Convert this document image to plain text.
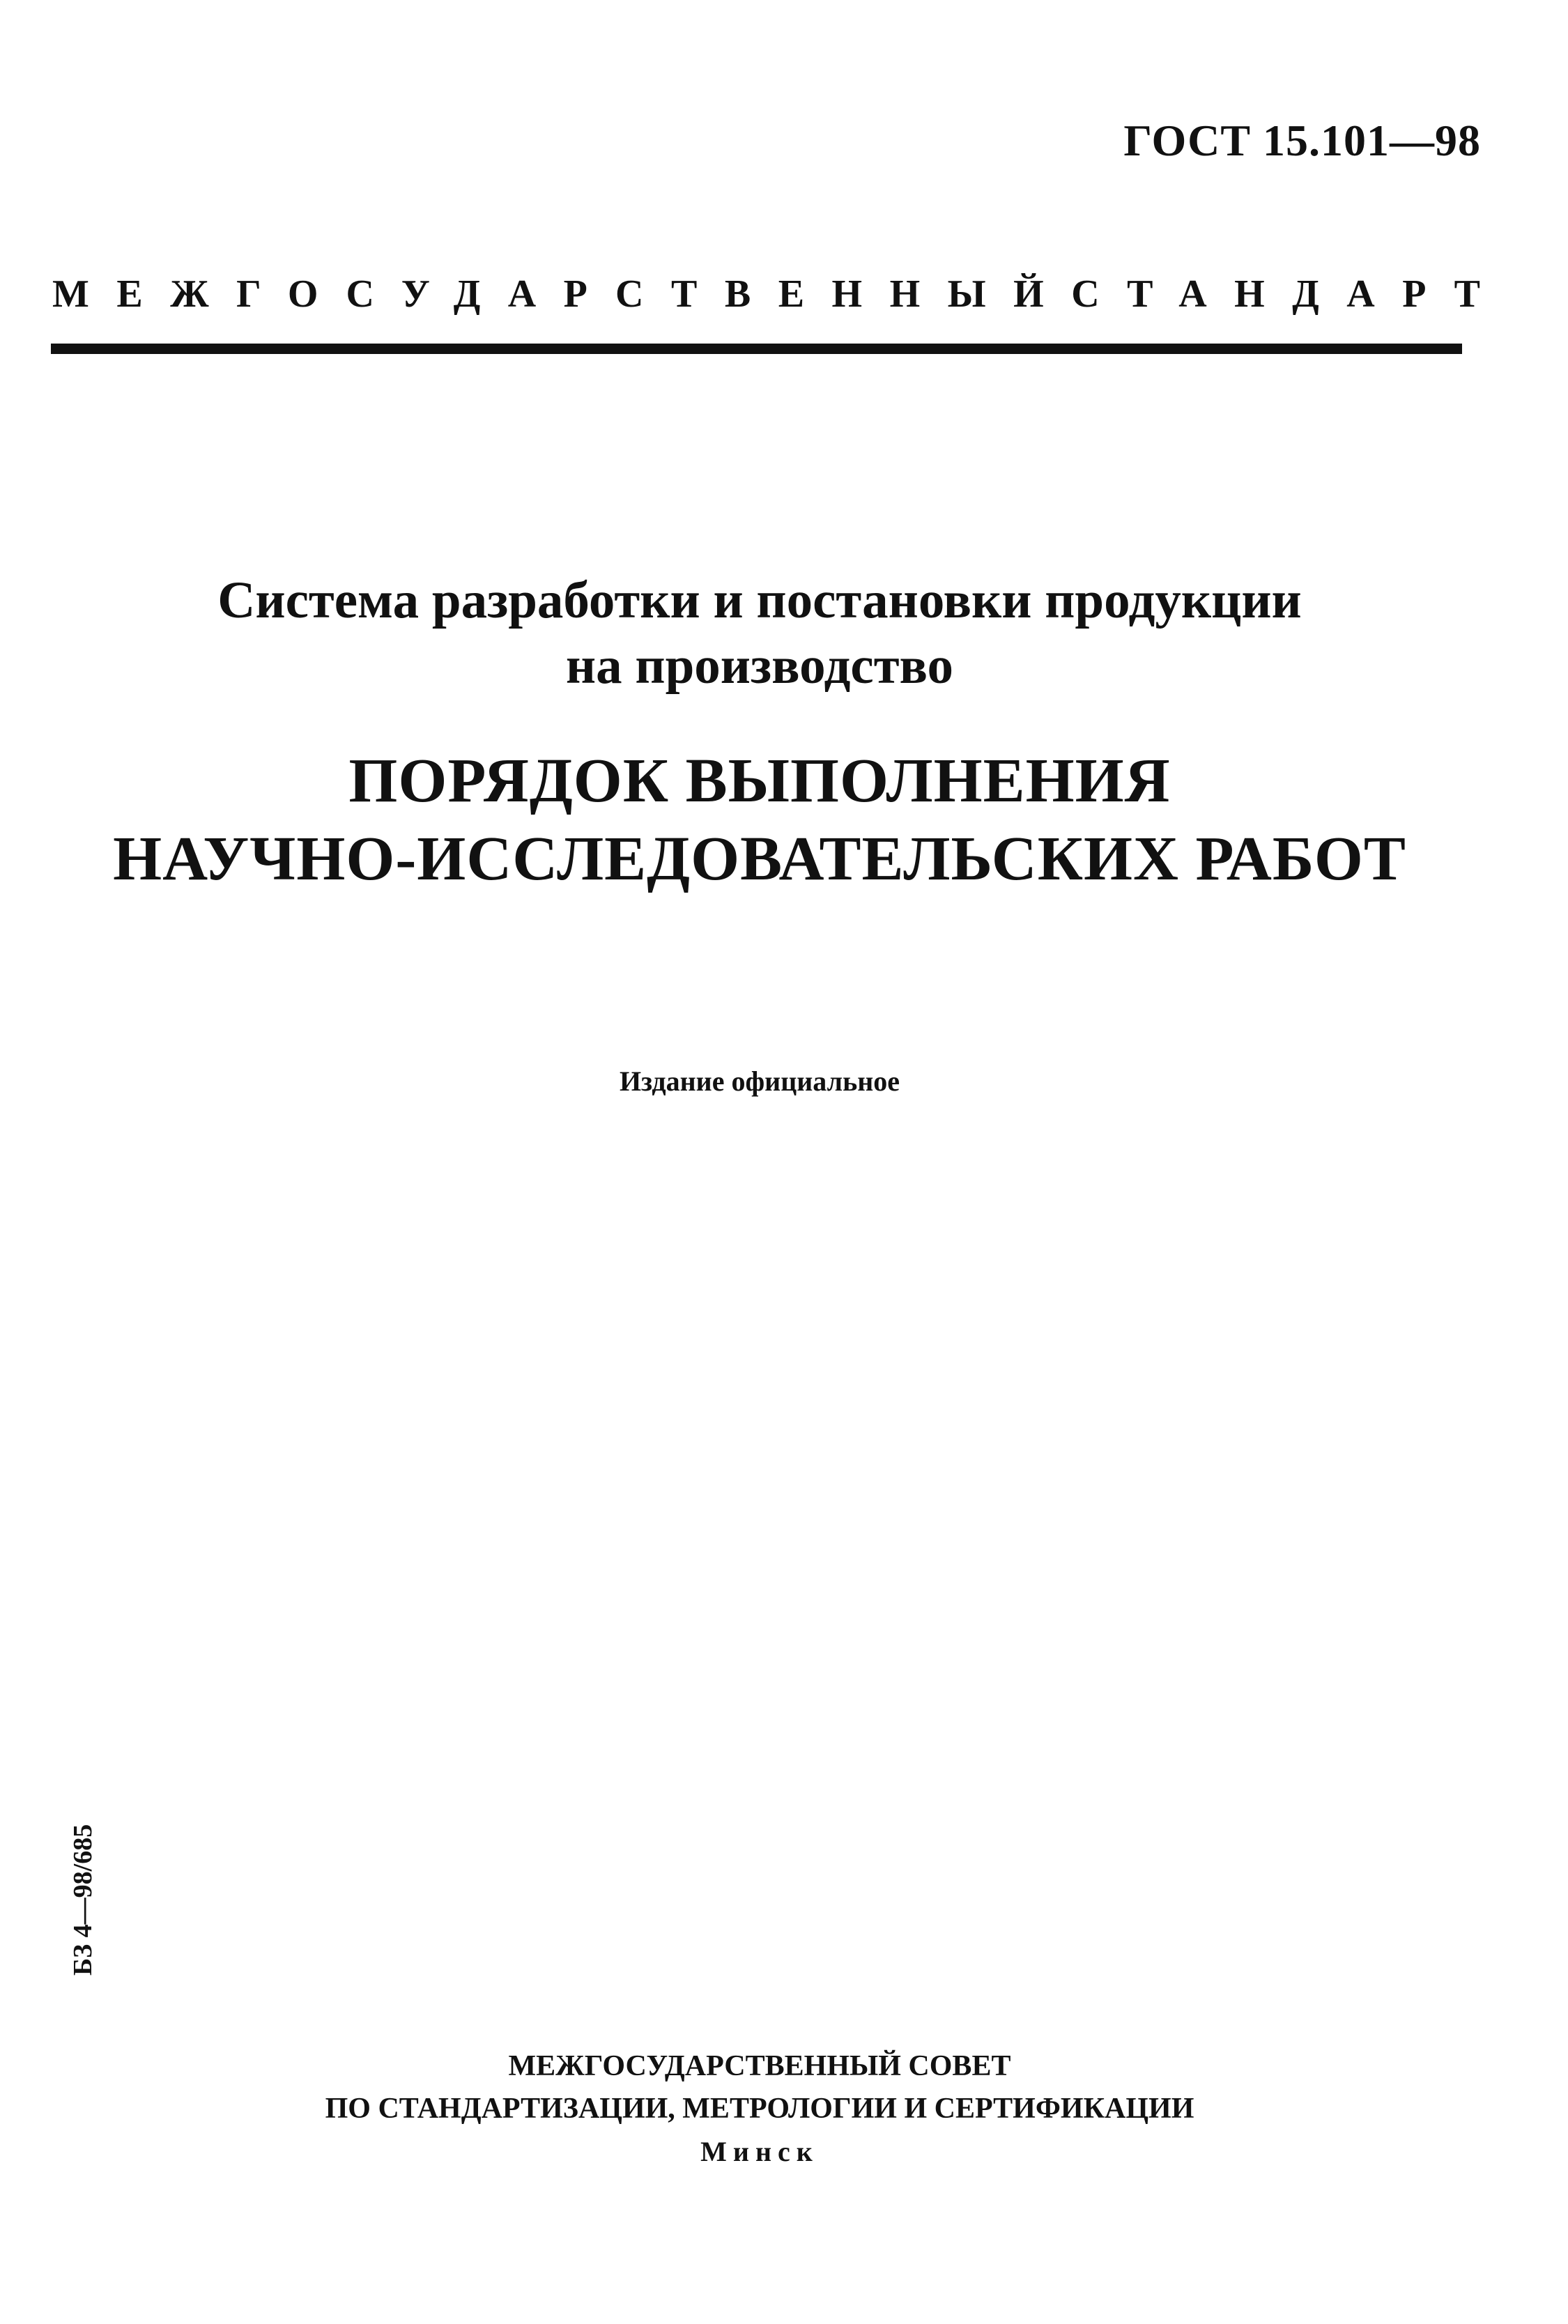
ГОСТ 15.101—98
МЕЖГОСУДАРСТВЕННЫЙ СТАНДАРТ
Система разработки и постановки продукции
на производство
ПОРЯДОК ВЫПОЛНЕНИЯ
НАУЧНО-ИССЛЕДОВАТЕЛЬСКИХ РАБОТ
Издание официальное
БЗ 4—98/685
МЕЖГОСУДАРСТВЕННЫЙ СОВЕТ
ПО СТАНДАРТИЗАЦИИ, МЕТРОЛОГИИ И СЕРТИФИКАЦИИ
Минск
